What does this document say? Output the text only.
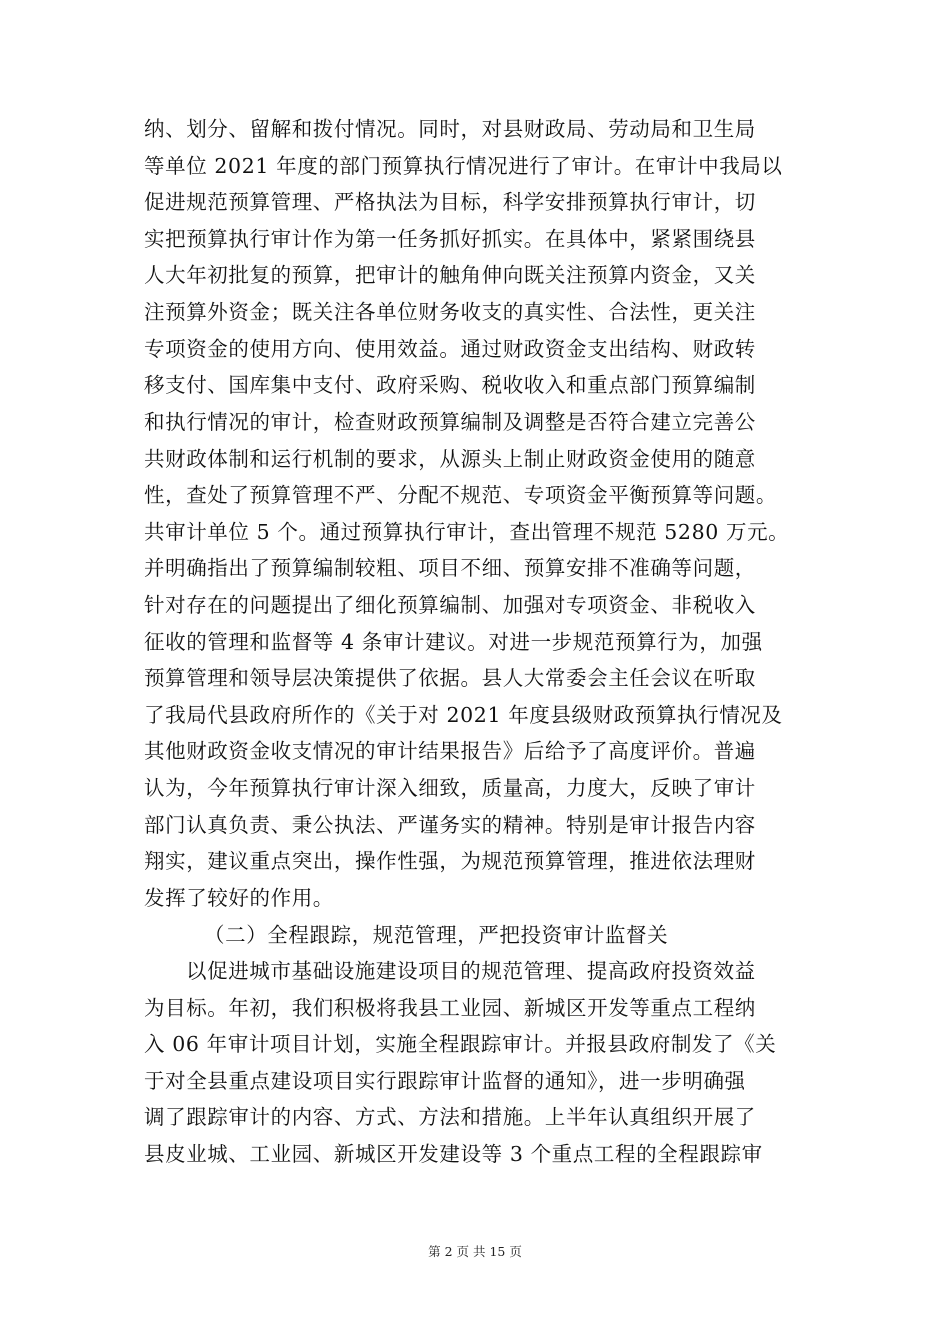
纳、划分、留解和拨付情况。同时，对县财政局、劳动局和卫生局
等单位 2021 年度的部门预算执行情况进行了审计。在审计中我局以
促进规范预算管理、严格执法为目标，科学安排预算执行审计，切
实把预算执行审计作为第一任务抓好抓实。在具体中，紧紧围绕县
人大年初批复的预算，把审计的触角伸向既关注预算内资金，又关
注预算外资金；既关注各单位财务收支的真实性、合法性，更关注
专项资金的使用方向、使用效益。通过财政资金支出结构、财政转
移支付、国库集中支付、政府采购、税收收入和重点部门预算编制
和执行情况的审计，检查财政预算编制及调整是否符合建立完善公
共财政体制和运行机制的要求，从源头上制止财政资金使用的随意
性，查处了预算管理不严、分配不规范、专项资金平衡预算等问题。
共审计单位 5 个。通过预算执行审计，查出管理不规范 5280 万元。
并明确指出了预算编制较粗、项目不细、预算安排不准确等问题，
针对存在的问题提出了细化预算编制、加强对专项资金、非税收入
征收的管理和监督等 4 条审计建议。对进一步规范预算行为，加强
预算管理和领导层决策提供了依据。县人大常委会主任会议在听取
了我局代县政府所作的《关于对 2021 年度县级财政预算执行情况及
其他财政资金收支情况的审计结果报告》后给予了高度评价。普遍
认为，今年预算执行审计深入细致，质量高，力度大，反映了审计
部门认真负责、秉公执法、严谨务实的精神。特别是审计报告内容
翔实，建议重点突出，操作性强，为规范预算管理，推进依法理财
发挥了较好的作用。
（二）全程跟踪，规范管理，严把投资审计监督关
以促进城市基础设施建设项目的规范管理、提高政府投资效益
为目标。年初，我们积极将我县工业园、新城区开发等重点工程纳
入 06 年审计项目计划，实施全程跟踪审计。并报县政府制发了《关
于对全县重点建设项目实行跟踪审计监督的通知》，进一步明确强
调了跟踪审计的内容、方式、方法和措施。上半年认真组织开展了
县皮业城、工业园、新城区开发建设等 3 个重点工程的全程跟踪审
第 2 页 共 15 页
